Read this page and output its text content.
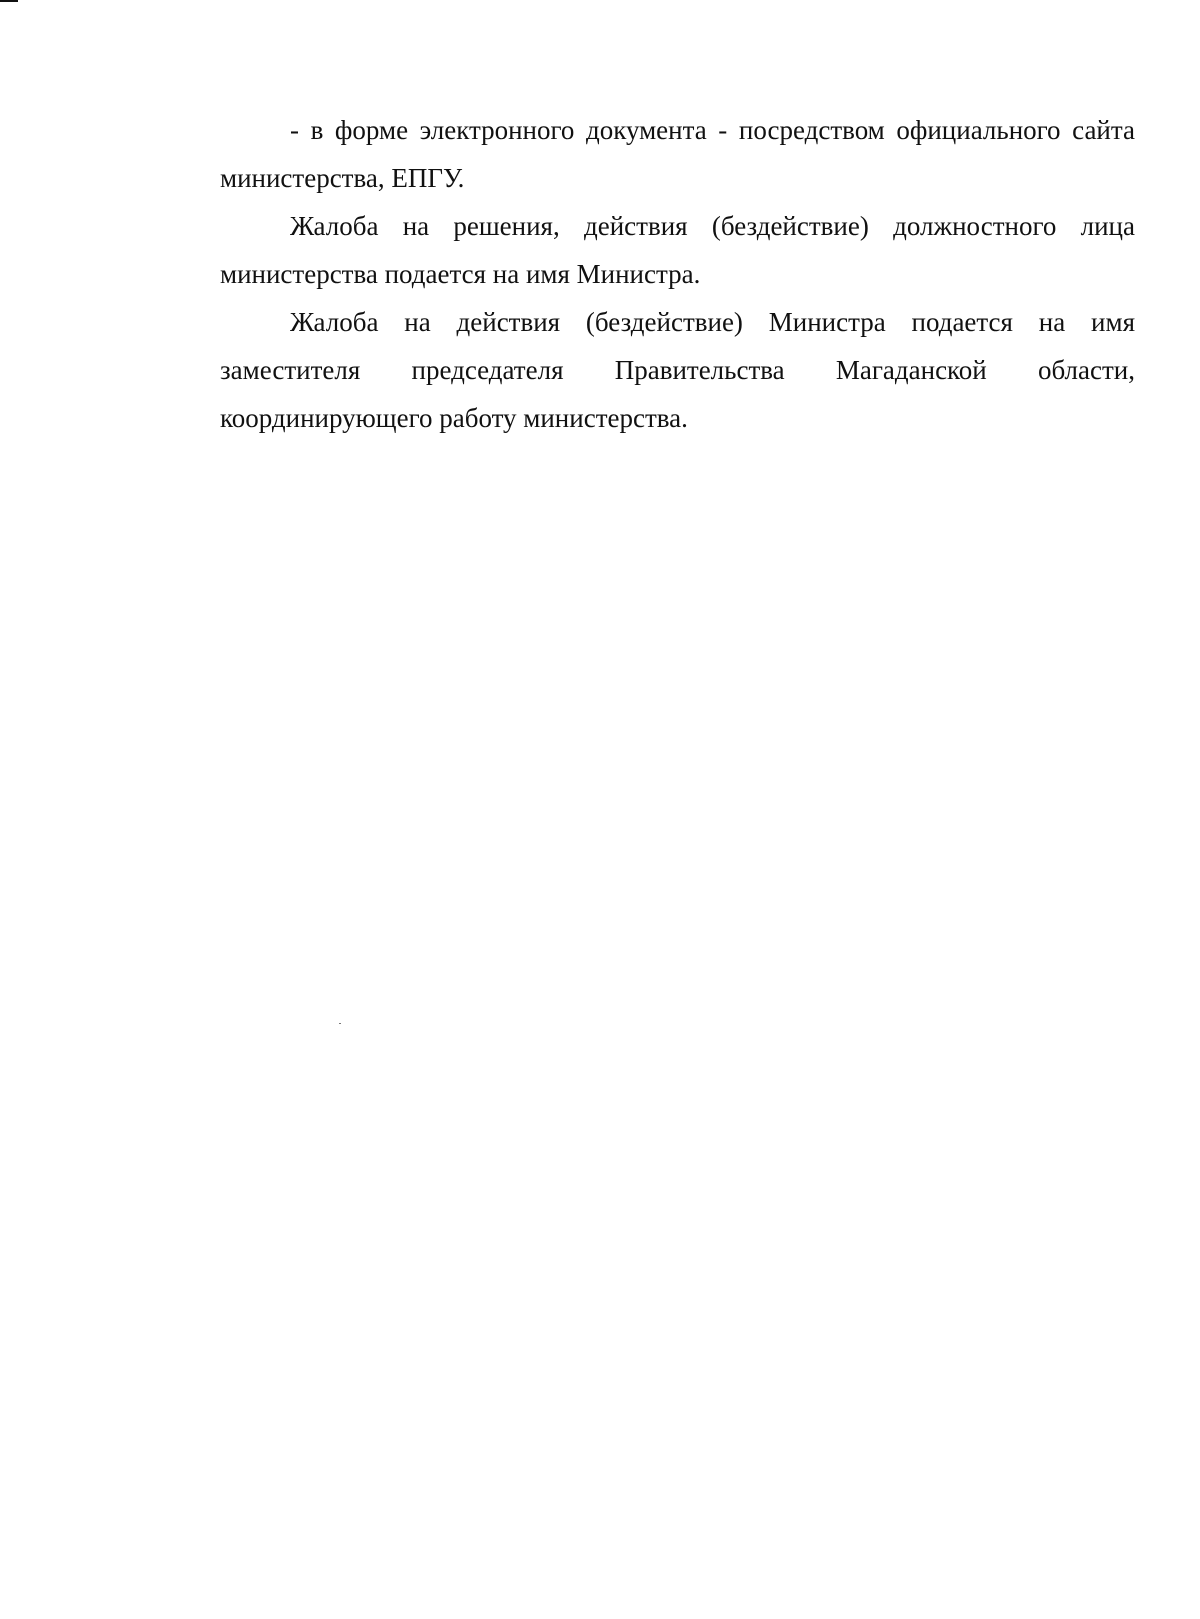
- в форме электронного документа - посредством официального сайта министерства, ЕПГУ.

Жалоба на решения, действия (бездействие) должностного лица министерства подается на имя Министра.

Жалоба на действия (бездействие) Министра подается на имя заместителя председателя Правительства Магаданской области, координирующего работу министерства.
